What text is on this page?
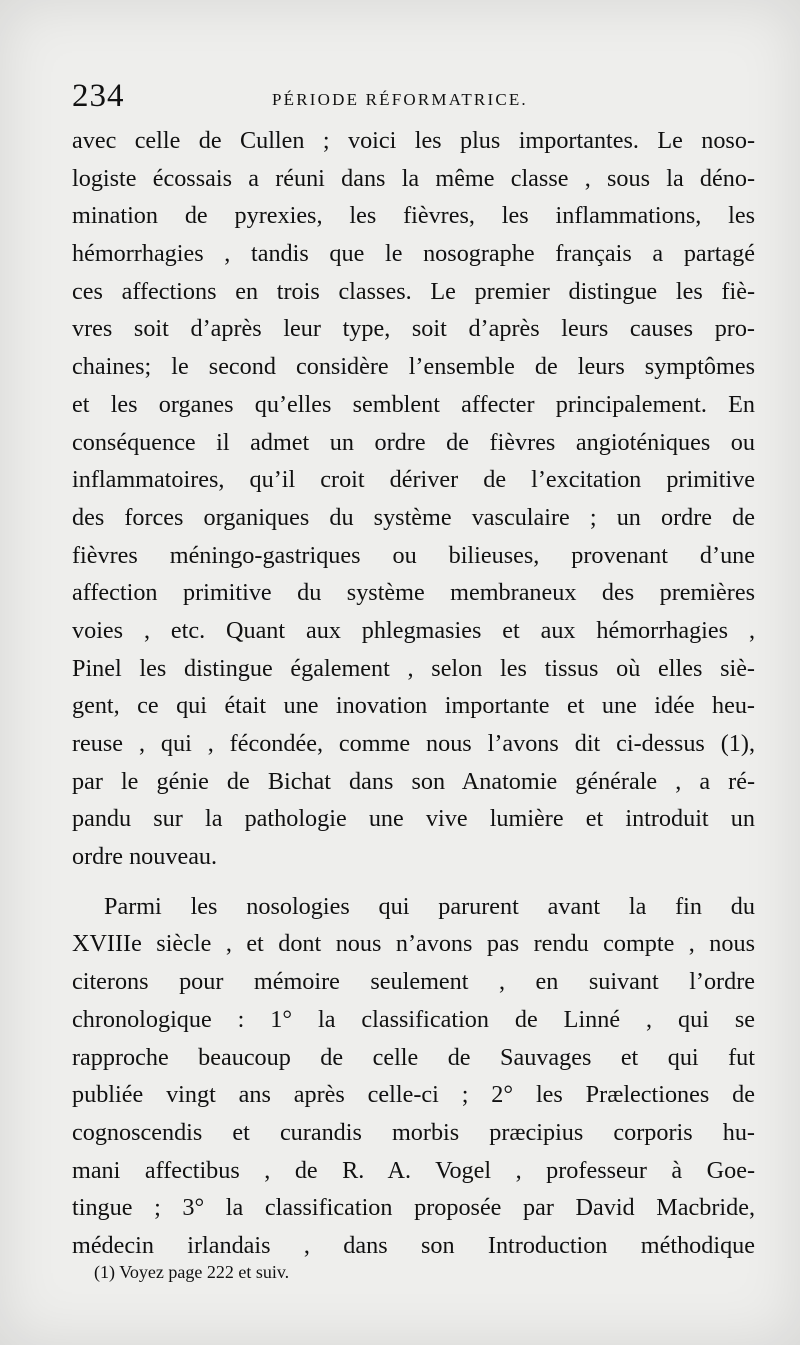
234	PÉRIODE RÉFORMATRICE.
avec celle de Cullen ; voici les plus importantes. Le noso-
logiste écossais a réuni dans la même classe , sous la déno-
mination de pyrexies, les fièvres, les inflammations, les
hémorrhagies , tandis que le nosographe français a partagé
ces affections en trois classes. Le premier distingue les fiè-
vres soit d’après leur type, soit d’après leurs causes pro-
chaines; le second considère l’ensemble de leurs symptômes
et les organes qu’elles semblent affecter principalement. En
conséquence il admet un ordre de fièvres angioténiques ou
inflammatoires, qu’il croit dériver de l’excitation primitive
des forces organiques du système vasculaire ; un ordre de
fièvres méningo-gastriques ou bilieuses, provenant d’une
affection primitive du système membraneux des premières
voies , etc. Quant aux phlegmasies et aux hémorrhagies ,
Pinel les distingue également , selon les tissus où elles siè-
gent, ce qui était une inovation importante et une idée heu-
reuse , qui , fécondée, comme nous l’avons dit ci-dessus (1),
par le génie de Bichat dans son Anatomie générale , a ré-
pandu sur la pathologie une vive lumière et introduit un
ordre nouveau.
Parmi les nosologies qui parurent avant la fin du
XVIIIe siècle , et dont nous n’avons pas rendu compte , nous
citerons pour mémoire seulement , en suivant l’ordre
chronologique : 1° la classification de Linné , qui se
rapproche beaucoup de celle de Sauvages et qui fut
publiée vingt ans après celle-ci ; 2° les Prælectiones de
cognoscendis et curandis morbis præcipius corporis hu-
mani affectibus , de R. A. Vogel , professeur à Goe-
tingue ; 3° la classification proposée par David Macbride,
médecin irlandais , dans son Introduction méthodique
(1) Voyez page 222 et suiv.
